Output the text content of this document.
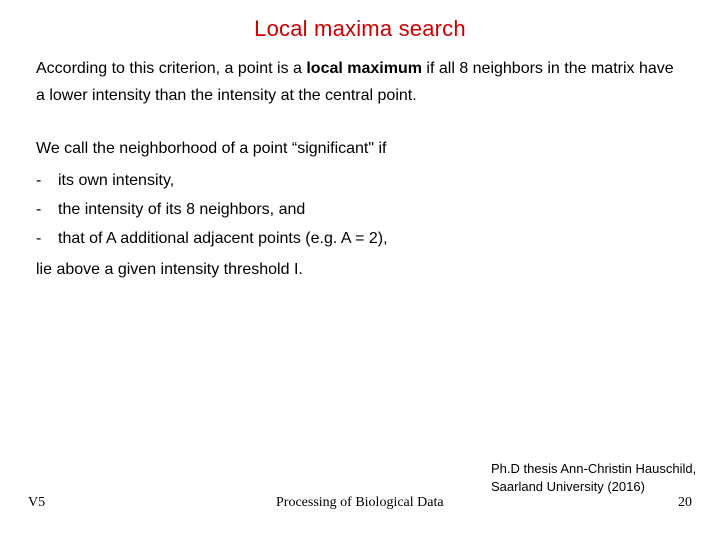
Local maxima search
According to this criterion, a point is a local maximum if all 8 neighbors in the matrix have a lower intensity than the intensity at the central point.
We call the neighborhood of a point “significant" if
- its own intensity,
- the intensity of its 8 neighbors, and
- that of A additional adjacent points (e.g. A = 2),
lie above a given intensity threshold I.
Ph.D thesis Ann-Christin Hauschild,
Saarland University (2016)
V5	Processing of Biological Data	20
